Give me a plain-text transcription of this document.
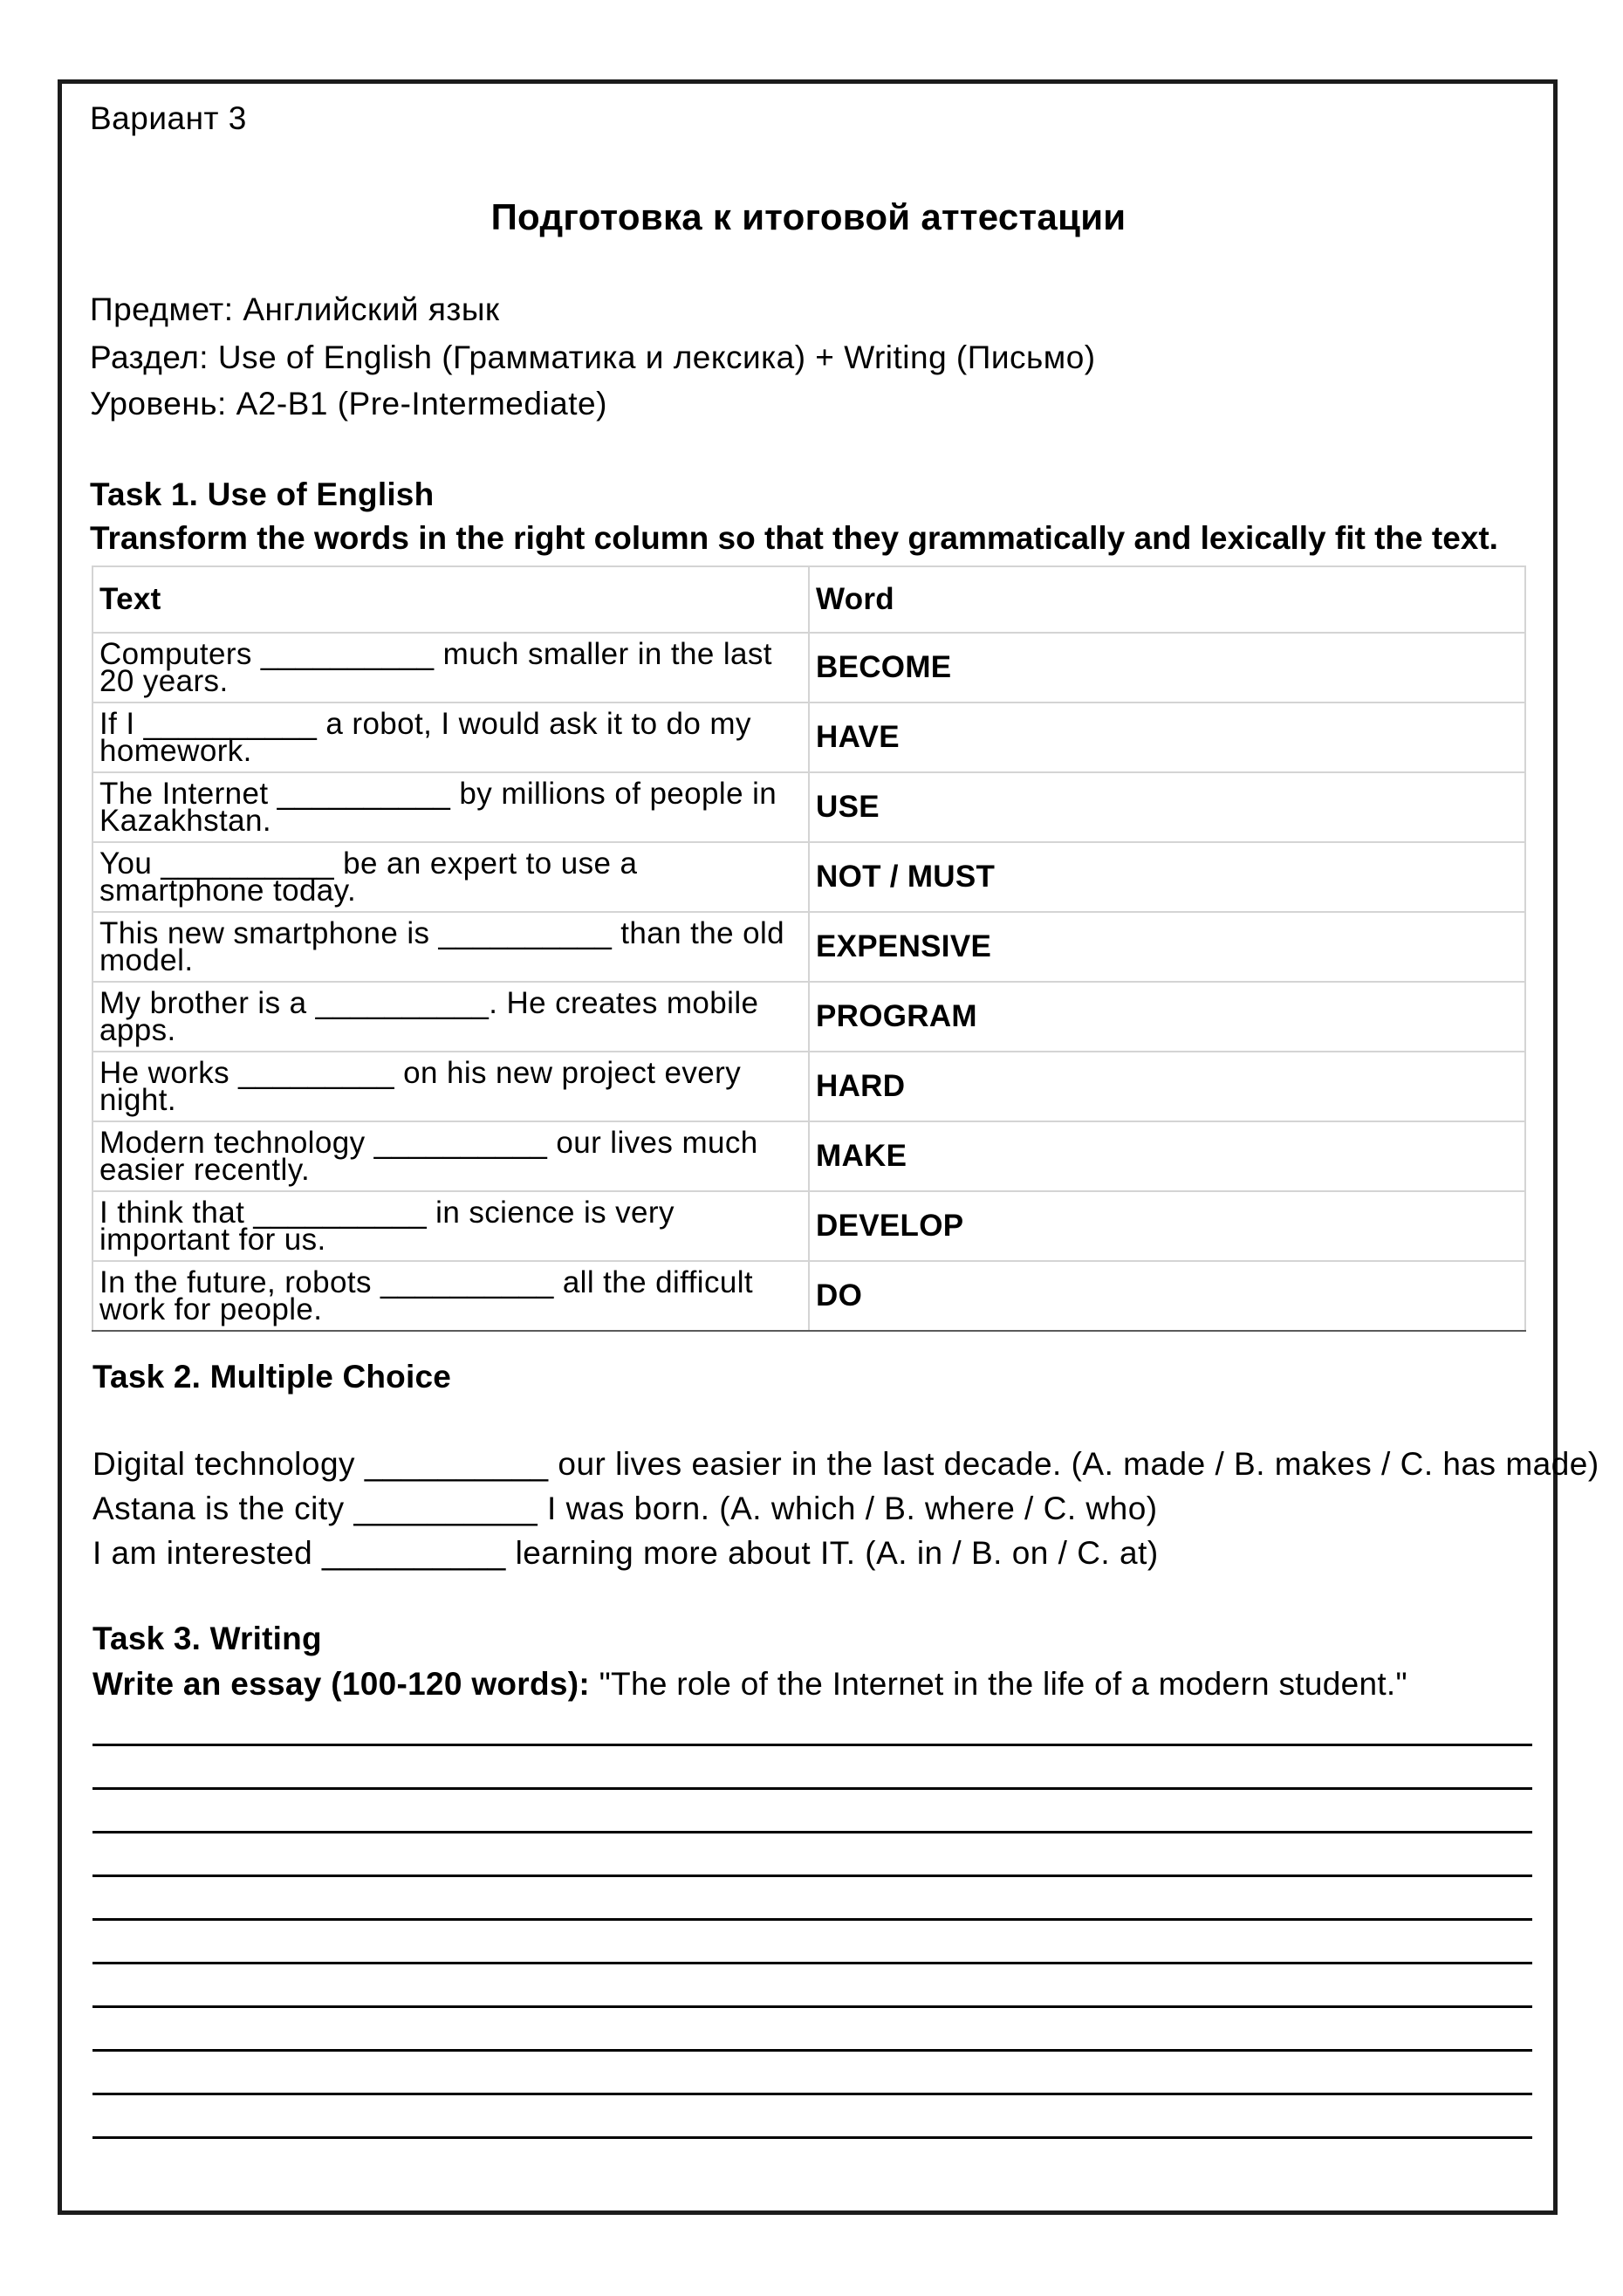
Вариант 3
Подготовка к итоговой аттестации
Предмет: Английский язык
Раздел: Use of English (Грамматика и лексика) + Writing (Письмо)
Уровень: A2-B1 (Pre-Intermediate)
Task 1. Use of English
Transform the words in the right column so that they grammatically and lexically fit the text.
Text	Word
Computers __________ much smaller in the last 20 years.	BECOME
If I __________ a robot, I would ask it to do my homework.	HAVE
The Internet __________ by millions of people in Kazakhstan.	USE
You __________ be an expert to use a smartphone today.	NOT / MUST
This new smartphone is __________ than the old model.	EXPENSIVE
My brother is a __________. He creates mobile apps.	PROGRAM
He works _________ on his new project every night.	HARD
Modern technology __________ our lives much easier recently.	MAKE
I think that __________ in science is very important for us.	DEVELOP
In the future, robots __________ all the difficult work for people.	DO
Task 2. Multiple Choice
Digital technology __________ our lives easier in the last decade. (A. made / B. makes / C. has made)
Astana is the city __________ I was born. (A. which / B. where / C. who)
I am interested __________ learning more about IT. (A. in / B. on / C. at)
Task 3. Writing
Write an essay (100-120 words): "The role of the Internet in the life of a modern student."
